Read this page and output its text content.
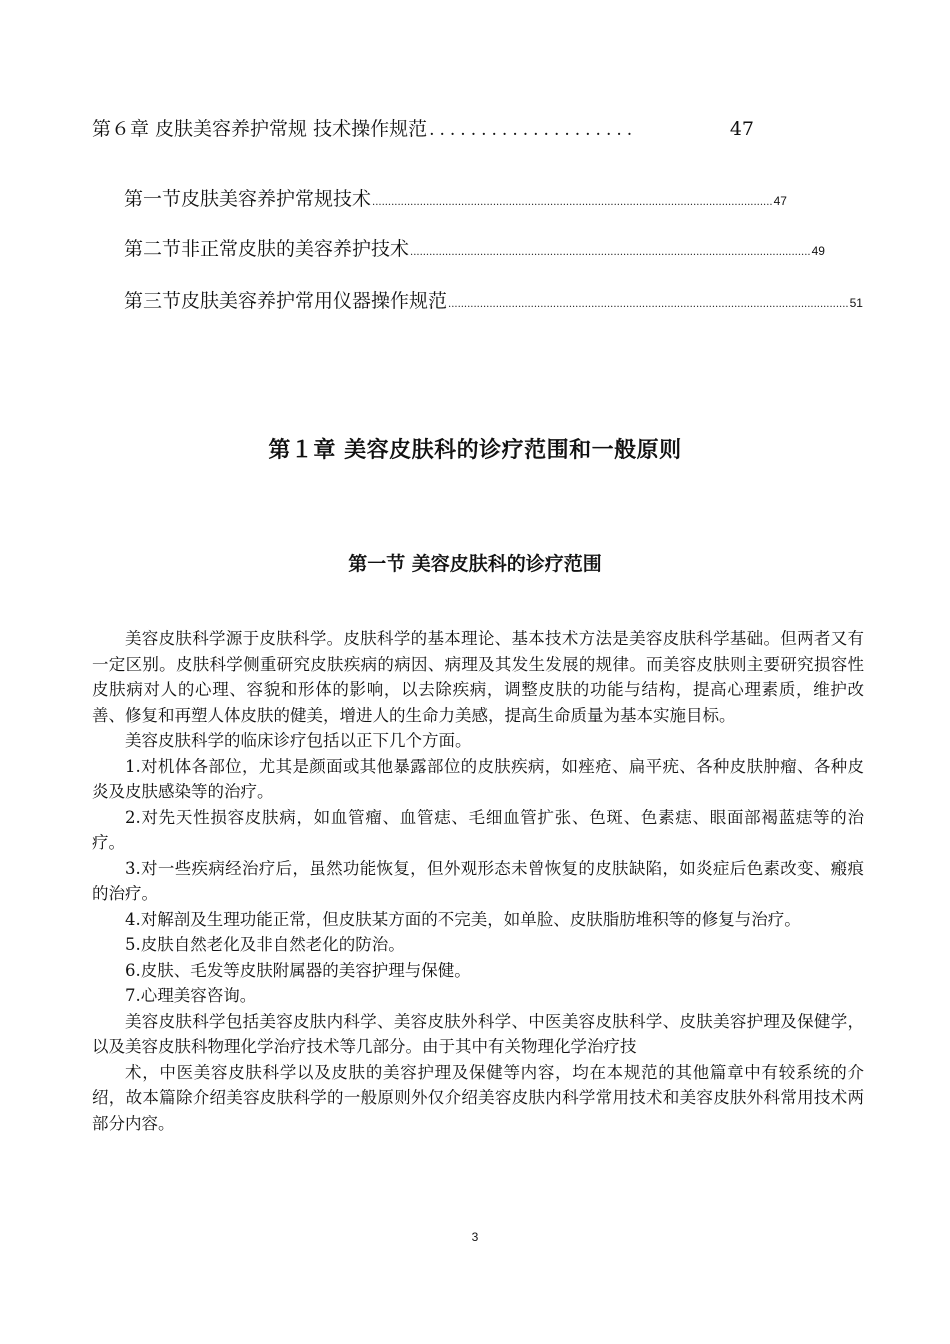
第６章 皮肤美容养护常规 技术操作规范 ....................	47
第一节 皮肤美容养护常规技术 .............................................................................................................................. 47
第二节 非正常皮肤的美容养护技术 .............................................................................................................................. 49
第三节 皮肤美容养护常用仪器操作规范 .............................................................................................................................. 51
第１章 美容皮肤科的诊疗范围和一般原则
第一节 美容皮肤科的诊疗范围

美容皮肤科学源于皮肤科学。皮肤科学的基本理论、基本技术方法是美容皮肤科学基础。但两者又有一定区别。皮肤科学侧重研究皮肤疾病的病因、病理及其发生发展的规律。而美容皮肤则主要研究损容性皮肤病对人的心理、容貌和形体的影响，以去除疾病，调整皮肤的功能与结构，提高心理素质，维护改善、修复和再塑人体皮肤的健美，增进人的生命力美感，提高生命质量为基本实施目标。

美容皮肤科学的临床诊疗包括以正下几个方面。

1.对机体各部位，尤其是颜面或其他暴露部位的皮肤疾病，如痤疮、扁平疣、各种皮肤肿瘤、各种皮炎及皮肤感染等的治疗。

2.对先天性损容皮肤病，如血管瘤、血管痣、毛细血管扩张、色斑、色素痣、眼面部褐蓝痣等的治疗。

3.对一些疾病经治疗后，虽然功能恢复，但外观形态未曾恢复的皮肤缺陷，如炎症后色素改变、瘢痕的治疗。

4.对解剖及生理功能正常，但皮肤某方面的不完美，如单脸、皮肤脂肪堆积等的修复与治疗。

5.皮肤自然老化及非自然老化的防治。

6.皮肤、毛发等皮肤附属器的美容护理与保健。

7.心理美容咨询。

美容皮肤科学包括美容皮肤内科学、美容皮肤外科学、中医美容皮肤科学、皮肤美容护理及保健学，以及美容皮肤科物理化学治疗技术等几部分。由于其中有关物理化学治疗技

术，中医美容皮肤科学以及皮肤的美容护理及保健等内容，均在本规范的其他篇章中有较系统的介绍，故本篇除介绍美容皮肤科学的一般原则外仅介绍美容皮肤内科学常用技术和美容皮肤外科常用技术两部分内容。

3
